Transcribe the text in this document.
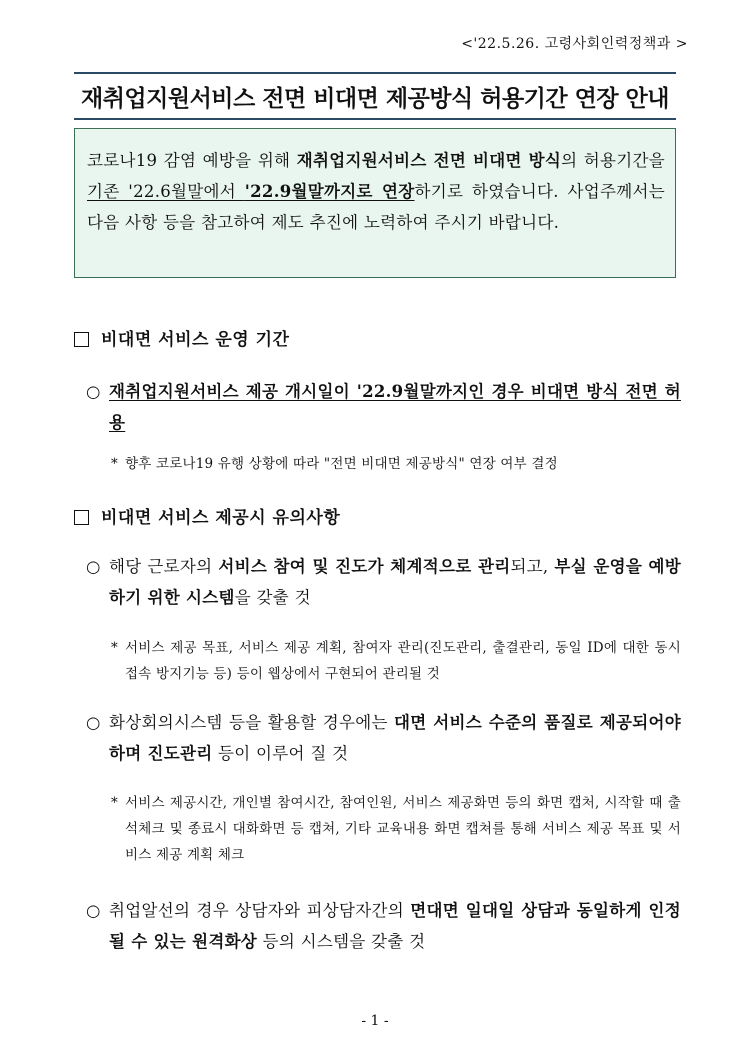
<'22.5.26. 고령사회인력정책과 >
재취업지원서비스 전면 비대면 제공방식 허용기간 연장 안내
코로나19 감염 예방을 위해 재취업지원서비스 전면 비대면 방식의 허용기간을 기존 '22.6월말에서 '22.9월말까지로 연장하기로 하였습니다. 사업주께서는 다음 사항 등을 참고하여 제도 추진에 노력하여 주시기 바랍니다.
비대면 서비스 운영 기간
○ 재취업지원서비스 제공 개시일이 '22.9월말까지인 경우 비대면 방식 전면 허용
* 향후 코로나19 유행 상황에 따라 "전면 비대면 제공방식" 연장 여부 결정
비대면 서비스 제공시 유의사항
○ 해당 근로자의 서비스 참여 및 진도가 체계적으로 관리되고, 부실 운영을 예방하기 위한 시스템을 갖출 것
* 서비스 제공 목표, 서비스 제공 계획, 참여자 관리(진도관리, 출결관리, 동일 ID에 대한 동시접속 방지기능 등) 등이 웹상에서 구현되어 관리될 것
○ 화상회의시스템 등을 활용할 경우에는 대면 서비스 수준의 품질로 제공되어야 하며 진도관리 등이 이루어 질 것
* 서비스 제공시간, 개인별 참여시간, 참여인원, 서비스 제공화면 등의 화면 캡처, 시작할 때 출석체크 및 종료시 대화화면 등 캡쳐, 기타 교육내용 화면 캡쳐를 통해 서비스 제공 목표 및 서비스 제공 계획 체크
○ 취업알선의 경우 상담자와 피상담자간의 면대면 일대일 상담과 동일하게 인정될 수 있는 원격화상 등의 시스템을 갖출 것
- 1 -
